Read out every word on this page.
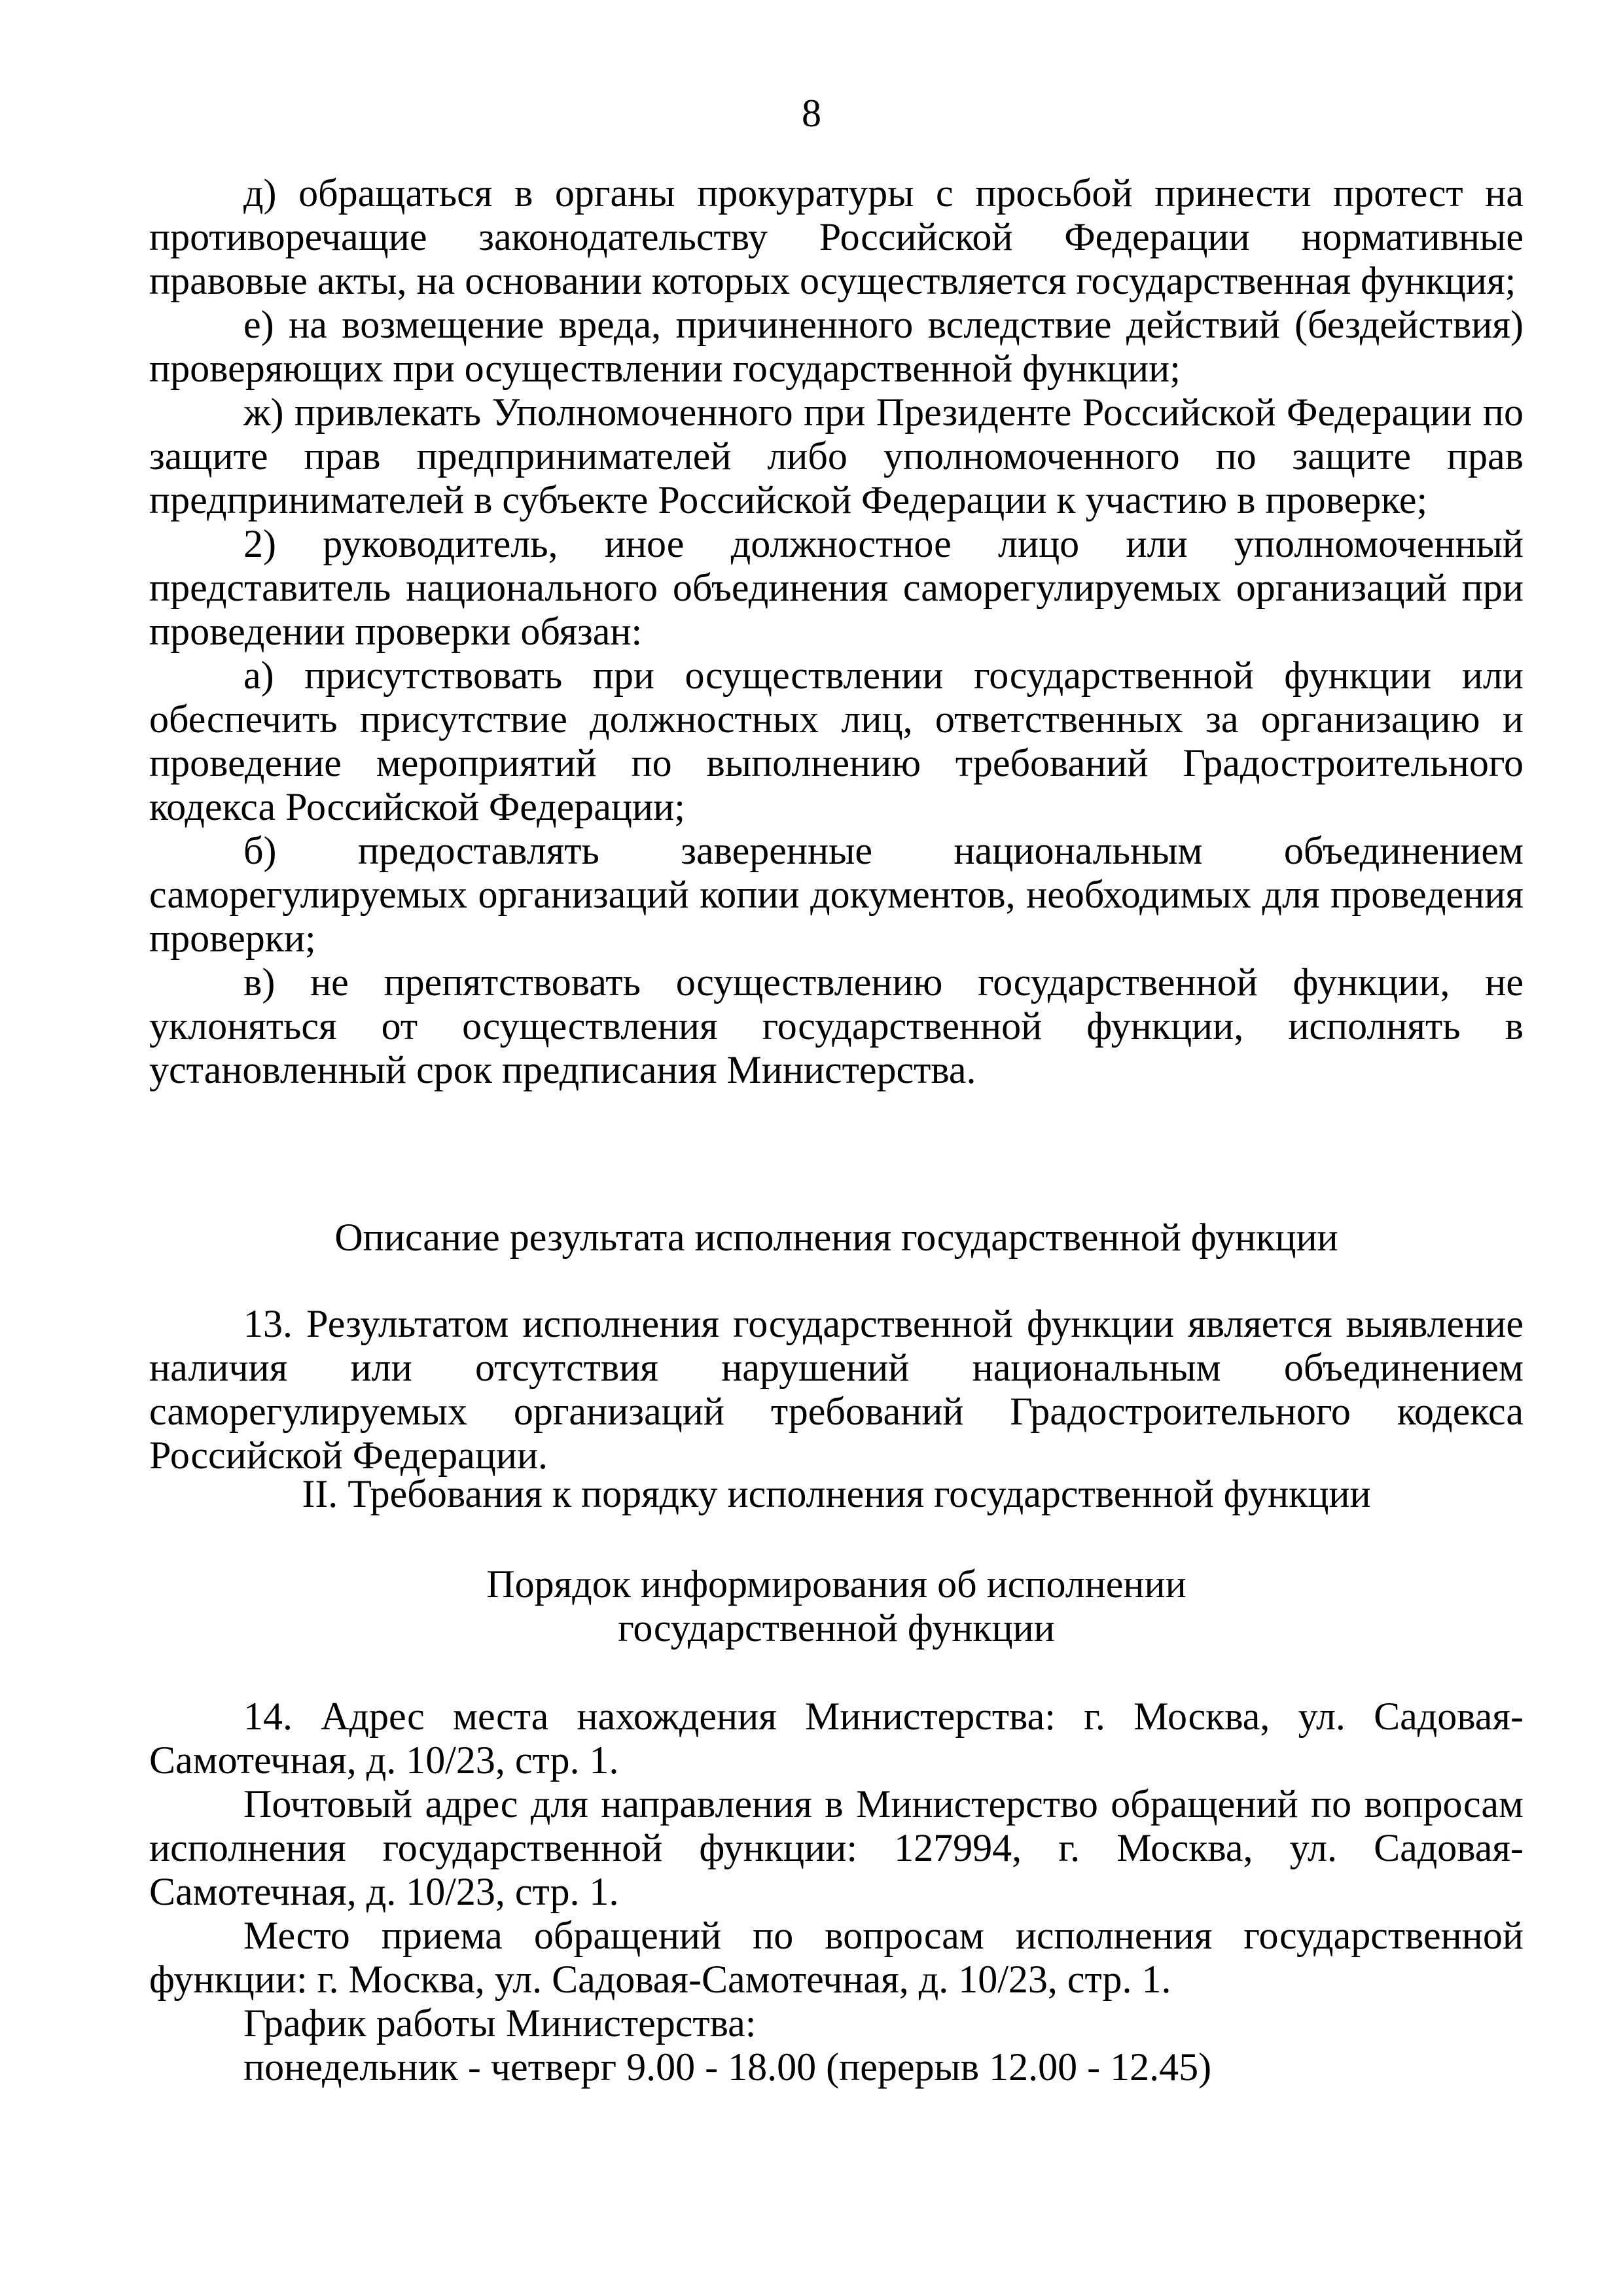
8

д) обращаться в органы прокуратуры с просьбой принести протест на противоречащие законодательству Российской Федерации нормативные правовые акты, на основании которых осуществляется государственная функция;

е) на возмещение вреда, причиненного вследствие действий (бездействия) проверяющих при осуществлении государственной функции;

ж) привлекать Уполномоченного при Президенте Российской Федерации по защите прав предпринимателей либо уполномоченного по защите прав предпринимателей в субъекте Российской Федерации к участию в проверке;

2) руководитель, иное должностное лицо или уполномоченный представитель национального объединения саморегулируемых организаций при проведении проверки обязан:

а) присутствовать при осуществлении государственной функции или обеспечить присутствие должностных лиц, ответственных за организацию и проведение мероприятий по выполнению требований Градостроительного кодекса Российской Федерации;

б) предоставлять заверенные национальным объединением саморегулируемых организаций копии документов, необходимых для проведения проверки;

в) не препятствовать осуществлению государственной функции, не уклоняться от осуществления государственной функции, исполнять в установленный срок предписания Министерства.

Описание результата исполнения государственной функции

13. Результатом исполнения государственной функции является выявление наличия или отсутствия нарушений национальным объединением саморегулируемых организаций требований Градостроительного кодекса Российской Федерации.

II. Требования к порядку исполнения государственной функции
Порядок информирования об исполнении
государственной функции

14. Адрес места нахождения Министерства: г. Москва, ул. Садовая-Самотечная, д. 10/23, стр. 1.

Почтовый адрес для направления в Министерство обращений по вопросам исполнения государственной функции: 127994, г. Москва, ул. Садовая-Самотечная, д. 10/23, стр. 1.

Место приема обращений по вопросам исполнения государственной функции: г. Москва, ул. Садовая-Самотечная, д. 10/23, стр. 1.

График работы Министерства:

понедельник - четверг 9.00 - 18.00 (перерыв 12.00 - 12.45)
